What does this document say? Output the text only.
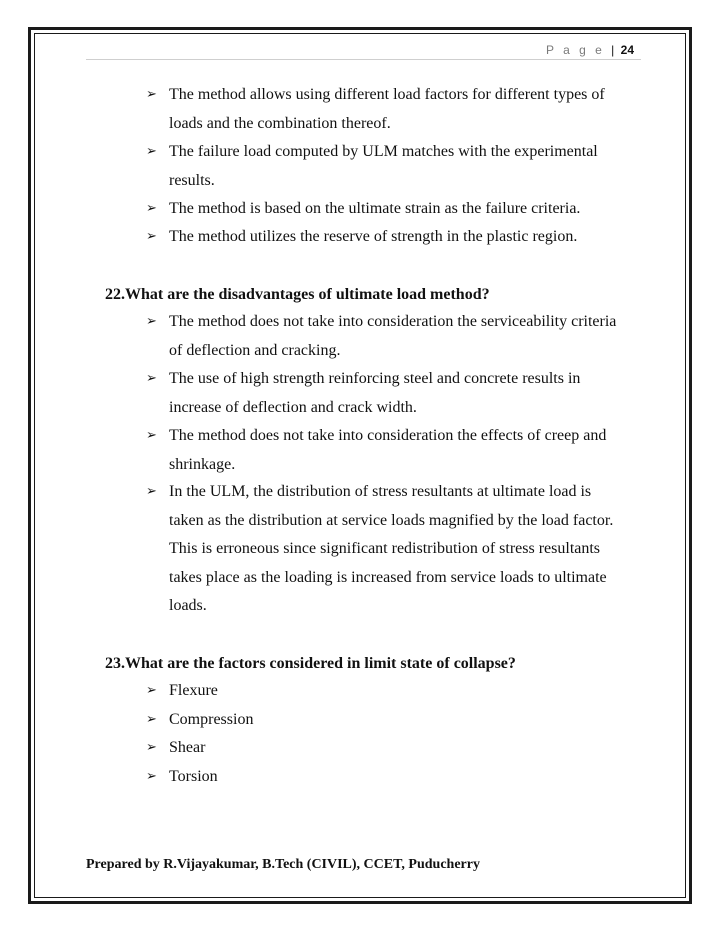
P a g e | 24
➢ The method allows using different load factors for different types of
loads and the combination thereof.
➢ The failure load computed by ULM matches with the experimental
results.
➢ The method is based on the ultimate strain as the failure criteria.
➢ The method utilizes the reserve of strength in the plastic region.
22.What are the disadvantages of ultimate load method?
➢ The method does not take into consideration the serviceability criteria
of deflection and cracking.
➢ The use of high strength reinforcing steel and concrete results in
increase of deflection and crack width.
➢ The method does not take into consideration the effects of creep and
shrinkage.
➢ In the ULM, the distribution of stress resultants at ultimate load is
taken as the distribution at service loads magnified by the load factor.
This is erroneous since significant redistribution of stress resultants
takes place as the loading is increased from service loads to ultimate
loads.
23.What are the factors considered in limit state of collapse?
➢ Flexure
➢ Compression
➢ Shear
➢ Torsion
Prepared by R.Vijayakumar, B.Tech (CIVIL), CCET, Puducherry
